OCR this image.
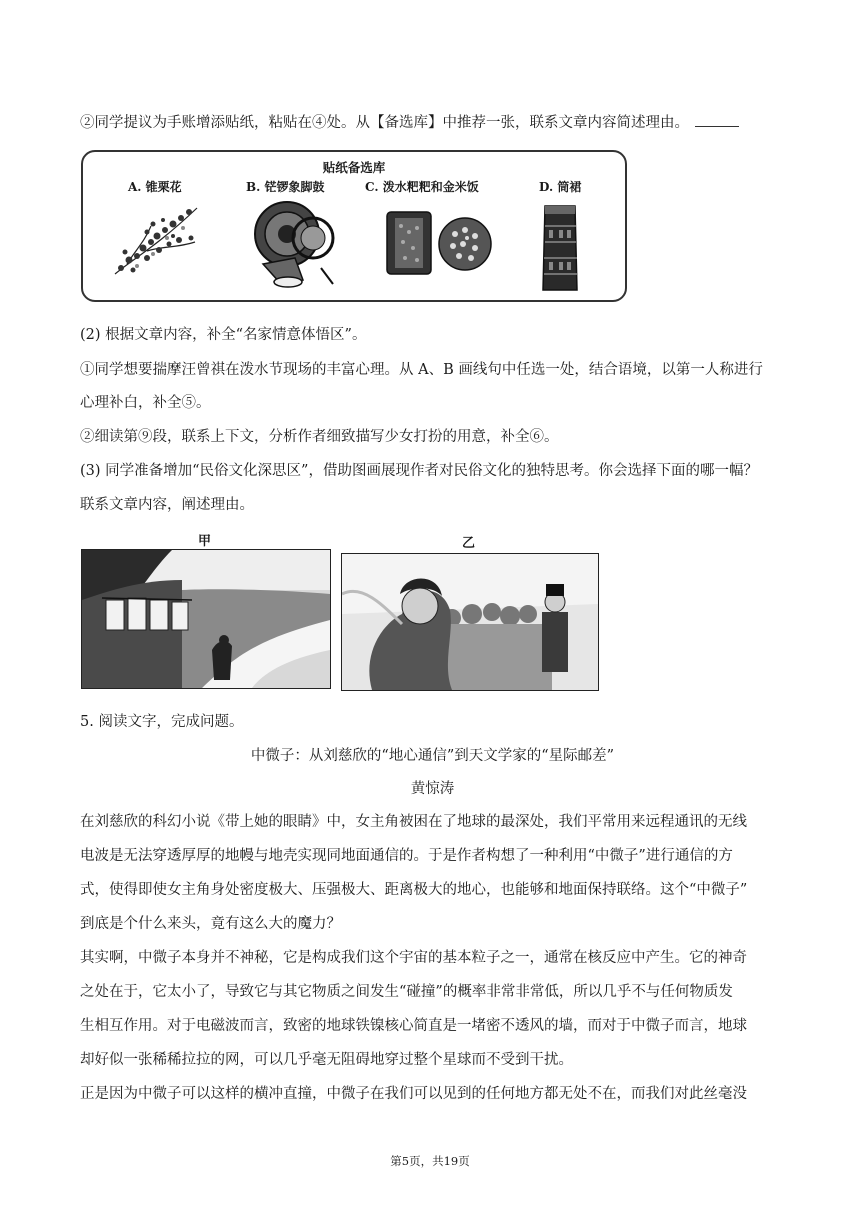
②同学提议为手账增添贴纸，粘贴在④处。从【备选库】中推荐一张，联系文章内容简述理由。
贴纸备选库
A. 锥栗花	B. 铓锣象脚鼓	C. 泼水粑粑和金米饭	D. 筒裙
(2) 根据文章内容，补全“名家情意体悟区”。
①同学想要揣摩汪曾祺在泼水节现场的丰富心理。从 A、B 画线句中任选一处，结合语境，以第一人称进行
心理补白，补全⑤。
②细读第⑨段，联系上下文，分析作者细致描写少女打扮的用意，补全⑥。
(3) 同学准备增加“民俗文化深思区”，借助图画展现作者对民俗文化的独特思考。你会选择下面的哪一幅？
联系文章内容，阐述理由。
甲	乙
5. 阅读文字，完成问题。
中微子：从刘慈欣的“地心通信”到天文学家的“星际邮差”
黄惊涛
在刘慈欣的科幻小说《带上她的眼睛》中，女主角被困在了地球的最深处，我们平常用来远程通讯的无线
电波是无法穿透厚厚的地幔与地壳实现同地面通信的。于是作者构想了一种利用“中微子”进行通信的方
式，使得即使女主角身处密度极大、压强极大、距离极大的地心，也能够和地面保持联络。这个“中微子”
到底是个什么来头，竟有这么大的魔力？
其实啊，中微子本身并不神秘，它是构成我们这个宇宙的基本粒子之一，通常在核反应中产生。它的神奇
之处在于，它太小了，导致它与其它物质之间发生“碰撞”的概率非常非常低，所以几乎不与任何物质发
生相互作用。对于电磁波而言，致密的地球铁镍核心简直是一堵密不透风的墙，而对于中微子而言，地球
却好似一张稀稀拉拉的网，可以几乎毫无阻碍地穿过整个星球而不受到干扰。
正是因为中微子可以这样的横冲直撞，中微子在我们可以见到的任何地方都无处不在，而我们对此丝毫没
第5页，共19页
